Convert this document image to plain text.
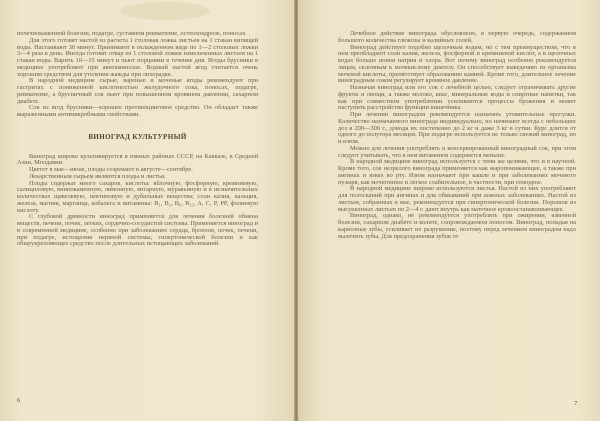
почечнокаменной болезни, подагре, суставном ревматизме, остеохондрозе, поносах.

Для этого готовят настой из расчета 1 столовая ложка листьев на 1 стакан кипящей воды. Настаивают 30 минут. Принимают в охлажденном виде по 1—2 столовых ложки 3—4 раза в день. Иногда готовят отвар из 1 столовой ложки измельченных листьев на 1 стакан воды. Варить 10—15 минут и пьют порциями в течение дня. Ягоды брусники в медицине употребляют при авитаминозах. Водный настой ягод считается очень хорошим средством для утоления жажды при лихорадке.

В народной медицине сырые, вареные и моченые ягоды рекомендуют при гастритах с пониженной кислотностью желудочного сока, поносах, подагре, ревматизме, а брусничный сок пьют при повышенном кровяном давлении, сахарном диабете.

Сок из ягод брусники—хорошее противоцинговое средство. Он обладает также выраженными антимикробными свойствами.

ВИНОГРАД КУЛЬТУРНЫЙ

Виноград широко культивируется в южных районах СССР, на Кавказе, в Средней Азии, Молдавии.

Цветет в мае—июне, плоды созревают в августе—сентябре.

Лекарственным сырьем являются плоды и листья.

Плоды содержат много сахаров, кислоты: яблочную, фосфорную, кремниевую, салициловую, виннокаменную, лимонную, янтарную, муравьиную и в незначительных количествах щавелевую, пектиновую и дубильные вещества; соли калия, кальция, железа, магния, марганца, кобальта и витамины: B₁, B₂, B₆, B₁₅, A, C, P, PP, фолиевую кислоту.

С глубокой древности виноград применяется для лечения болезней обмена веществ, печени, почек, легких, сердечно-сосудистой системы. Применяется виноград и в современной медицине, особенно при заболеваниях сердца, бронхов, почек, печени, при подагре, истощении нервной системы, гипертонической болезни и как общеукрепляющее средство после длительных истощающих заболеваний.

6

Лечебное действие винограда обусловлено, в первую очередь, содержанием большого количества глюкозы и калийных солей.

Виноград действует подобно щелочным водам, но с тем преимуществом, что в нем преобладают соли калия, железа, фосфорной и кремниевой кислот, а в щелочных водах больше ионов натрия и хлора. Вот почему виноград особенно рекомендуется лицам, склонным к мочекислому диатезу. Он способствует выведению из организма мочевой кислоты, препятствует образованию камней. Кроме того, длительное лечение виноградным соком регулирует кровяное давление.

Назначая виноград или его сок с лечебной целью, следует ограничивать другие фрукты и овощи, а также молоко, квас, минеральные воды и спиртные напитки, так как при совместном употреблении усиливаются процессы брожения и может наступить расстройство функции кишечника.

При лечении виноградом рекомендуется назначать утомительные прогулки. Количество назначаемого винограда индивидуально, но начинают всегда с небольших доз в 200—300 г., доводя их постепенно до 2 кг и даже 3 кг в сутки. Курс длится от одного до полутора месяцев. При подагре используется не только свежий виноград, но и изюм.

Можно для лечения употреблять и консервированный виноградный сок, при этом следует учитывать, что в нем витаминов содержится меньше.

В народной медицине виноград используется с теми же целями, что и в научной. Кроме того, сок незрелого винограда применяется как жаропонижающее, а также при ангинах и язвах во рту. Изюм назначают при кашле и при заболеваниях мочевого пузыря, как мочегонное и легкое слабительное, в частности, при геморрое.

В народной медицине широко используются листья. Настой из них употребляют для полосканий при ангинах и для обмываний при кожных заболеваниях. Настой из листьев, собранных в мае, рекомендуется при гипертонической болезни. Порошок из высушенных листьев по 2—4 г. дают внутрь как маточное кровоостанавливающее.

Виноград, однако, не рекомендуется употреблять при ожирении, язвенной болезни, сахарном диабете и колите, сопровождаемом поносом. Виноград, попадая на кариозные зубы, усиливает их разрушение, поэтому перед лечением виноградом надо вылечить зубы. Для предохранения зубов от

7
